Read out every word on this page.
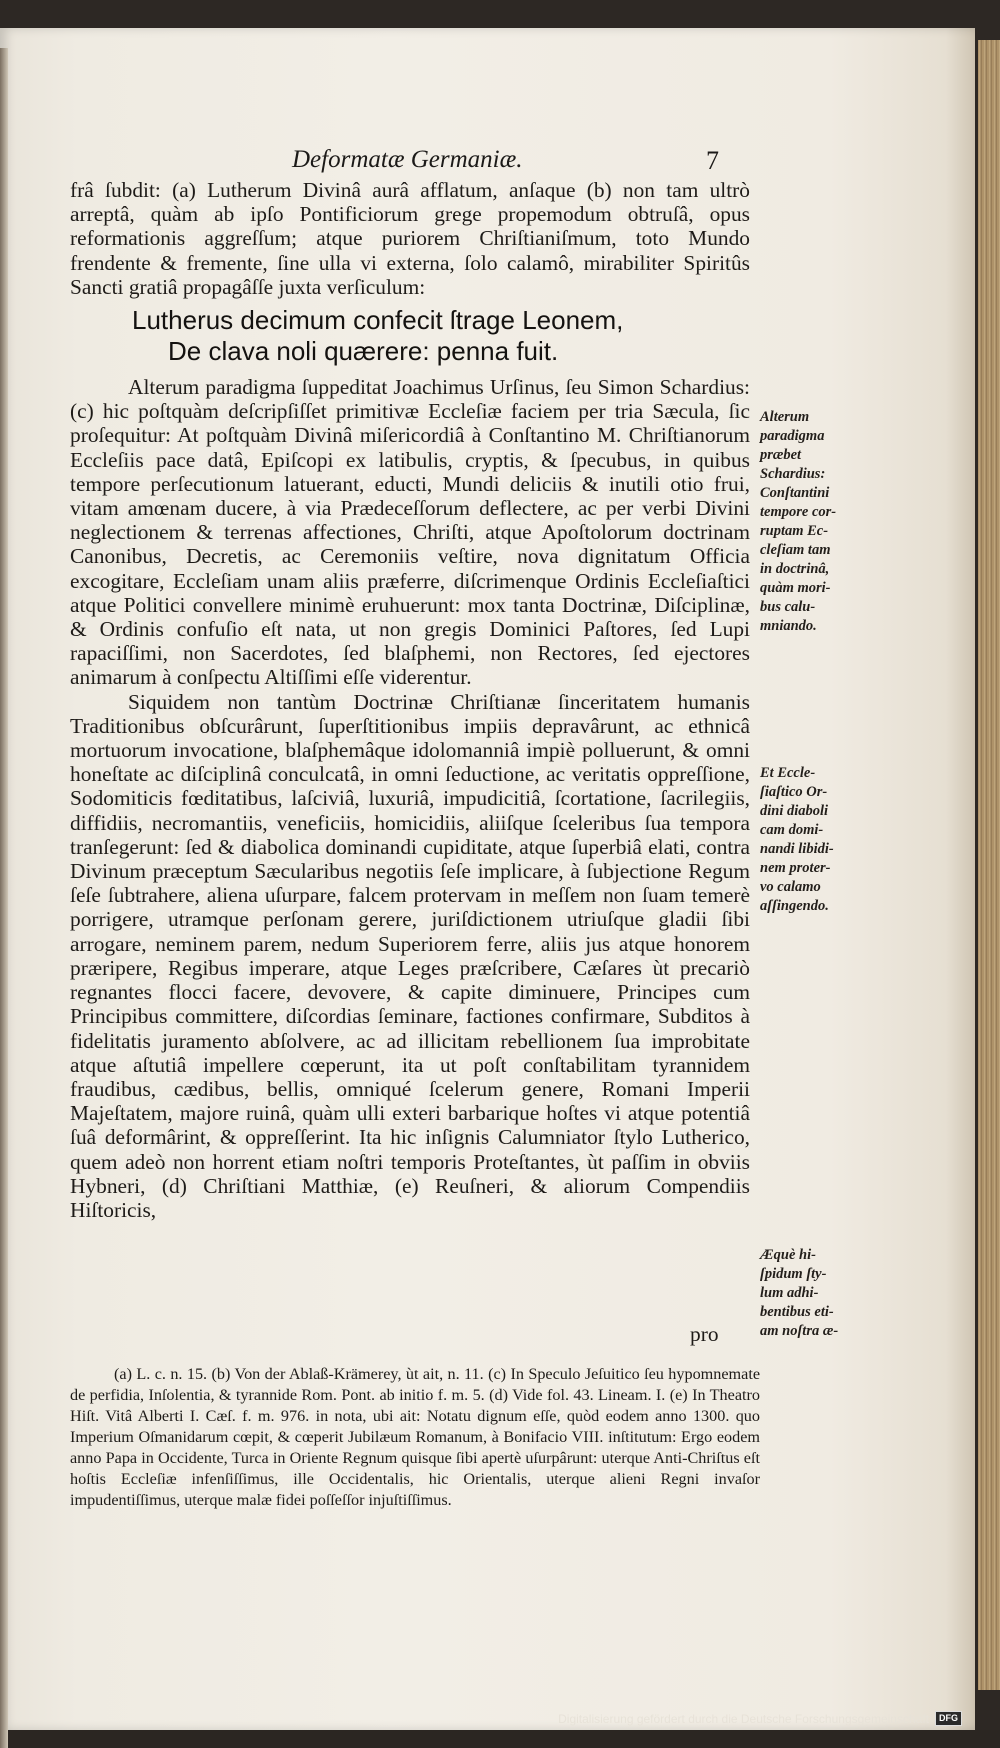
Deformatæ Germaniæ.	7

frâ ſubdit: (a) Lutherum Divinâ aurâ afflatum, anſaque (b) non tam ultrò arreptâ, quàm ab ipſo Pontificiorum grege propemodum obtruſâ, opus reformationis aggreſſum; atque puriorem Chriſtianiſmum, toto Mundo frendente & fremente, ſine ulla vi externa, ſolo calamô, mirabiliter Spiritûs Sancti gratiâ propagâſſe juxta verſiculum:

Lutherus decimum confecit ſtrage Leonem,
De clava noli quærere: penna fuit.

Alterum paradigma ſuppeditat Joachimus Urſinus, ſeu Simon Schardius: (c) hic poſtquàm deſcripſiſſet primitivæ Eccleſiæ faciem per tria Sæcula, ſic proſequitur: At poſtquàm Divinâ miſericordiâ à Conſtantino M. Chriſtianorum Eccleſiis pace datâ, Epiſcopi ex latibulis, cryptis, & ſpecubus, in quibus tempore perſecutionum latuerant, educti, Mundi deliciis & inutili otio frui, vitam amœnam ducere, à via Prædeceſſorum deflectere, ac per verbi Divini neglectionem & terrenas affectiones, Chriſti, atque Apoſtolorum doctrinam Canonibus, Decretis, ac Ceremoniis veſtire, nova dignitatum Officia excogitare, Eccleſiam unam aliis præferre, diſcrimenque Ordinis Eccleſiaſtici atque Politici convellere minimè eruhuerunt: mox tanta Doctrinæ, Diſciplinæ, & Ordinis confuſio eſt nata, ut non gregis Dominici Paſtores, ſed Lupi rapaciſſimi, non Sacerdotes, ſed blaſphemi, non Rectores, ſed ejectores animarum à conſpectu Altiſſimi eſſe viderentur.

Siquidem non tantùm Doctrinæ Chriſtianæ ſinceritatem humanis Traditionibus obſcurârunt, ſuperſtitionibus impiis depravârunt, ac ethnicâ mortuorum invocatione, blaſphemâque idolomanniâ impiè polluerunt, & omni honeſtate ac diſciplinâ conculcatâ, in omni ſeductione, ac veritatis oppreſſione, Sodomiticis fœditatibus, laſciviâ, luxuriâ, impudicitiâ, ſcortatione, ſacrilegiis, diffidiis, necromantiis, veneficiis, homicidiis, aliiſque ſceleribus ſua tempora tranſegerunt: ſed & diabolica dominandi cupiditate, atque ſuperbiâ elati, contra Divinum præceptum Sæcularibus negotiis ſeſe implicare, à ſubjectione Regum ſeſe ſubtrahere, aliena uſurpare, falcem protervam in meſſem non ſuam temerè porrigere, utramque perſonam gerere, juriſdictionem utriuſque gladii ſibi arrogare, neminem parem, nedum Superiorem ferre, aliis jus atque honorem præripere, Regibus imperare, atque Leges præſcribere, Cæſares ùt precariò regnantes flocci facere, devovere, & capite diminuere, Principes cum Principibus committere, diſcordias ſeminare, factiones confirmare, Subditos à fidelitatis juramento abſolvere, ac ad illicitam rebellionem ſua improbitate atque aſtutiâ impellere cœperunt, ita ut poſt conſtabilitam tyrannidem fraudibus, cædibus, bellis, omniqué ſcelerum genere, Romani Imperii Majeſtatem, majore ruinâ, quàm ulli exteri barbarique hoſtes vi atque potentiâ ſuâ deformârint, & oppreſſerint. Ita hic inſignis Calumniator ſtylo Lutherico, quem adeò non horrent etiam noſtri temporis Proteſtantes, ùt paſſim in obviis Hybneri, (d) Chriſtiani Matthiæ, (e) Reuſneri, & aliorum Compendiis Hiſtoricis,

Alterum
paradigma
præbet
Schardius:
Conſtantini
tempore cor-
ruptam Ec-
cleſiam tam
in doctrinâ,
quàm mori-
bus calu-
mniando.
Et Eccle-
ſiaſtico Or-
dini diaboli
cam domi-
nandi libidi-
nem proter-
vo calamo
aſſingendo.
Æquè hi-
ſpidum ſty-
lum adhi-
bentibus eti-
am noſtra æ-
pro

(a) L. c. n. 15. (b) Von der Ablaß-Krämerey, ùt ait, n. 11. (c) In Speculo Jeſuitico ſeu hypomnemate de perfidia, Inſolentia, & tyrannide Rom. Pont. ab initio f. m. 5. (d) Vide fol. 43. Lineam. I. (e) In Theatro Hiſt. Vitâ Alberti I. Cæſ. f. m. 976. in nota, ubi ait: Notatu dignum eſſe, quòd eodem anno 1300. quo Imperium Oſmanidarum cœpit, & cœperit Jubilæum Romanum, à Bonifacio VIII. inſtitutum: Ergo eodem anno Papa in Occidente, Turca in Oriente Regnum quisque ſibi apertè uſurpârunt: uterque Anti-Chriſtus eſt hoſtis Eccleſiæ infenſiſſimus, ille Occidentalis, hic Orientalis, uterque alieni Regni invaſor impudentiſſimus, uterque malæ fidei poſſeſſor injuſtiſſimus.

Digitalisierung gefördert durch die Deutsche Forschungsgemeinschaft	DFG
